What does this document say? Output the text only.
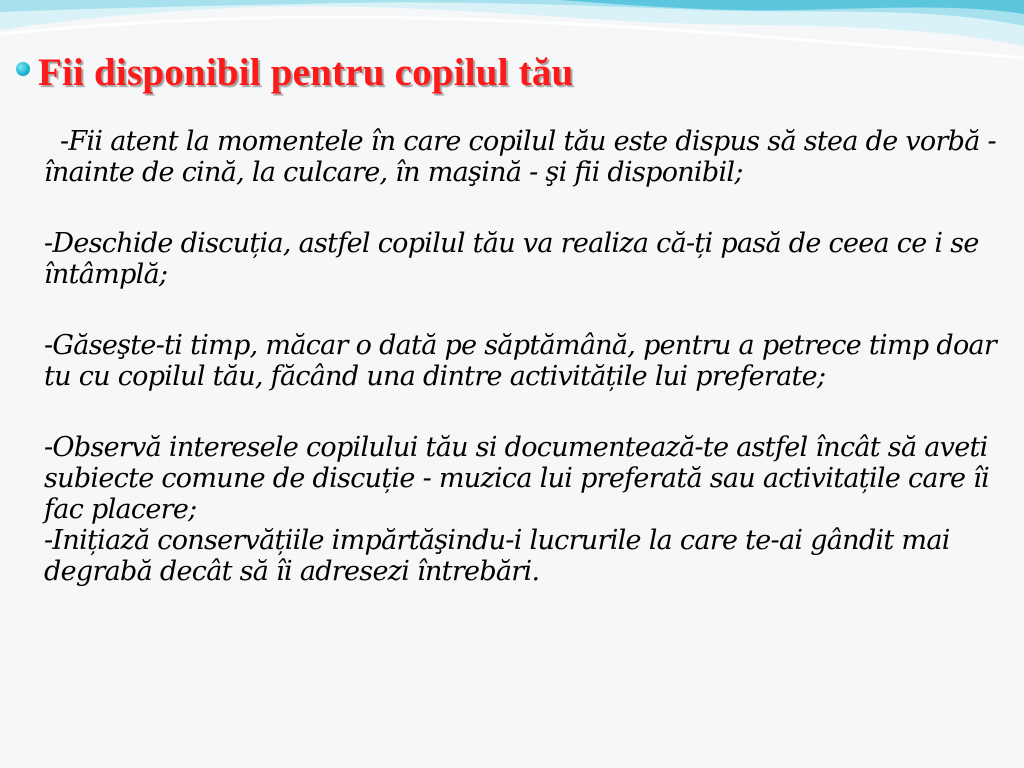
Fii disponibil pentru copilul tău

-Fii atent la momentele în care copilul tău este dispus să stea de vorbă - înainte de cină, la culcare, în maşină - şi fii disponibil;

-Deschide discuția, astfel copilul tău va realiza că-ți pasă de ceea ce i se întâmplă;

-Găseşte-ti timp, măcar o dată pe săptămână, pentru a petrece timp doar tu cu copilul tău, făcând una dintre activitățile lui preferate;

-Observă interesele copilului tău si documentează-te astfel încât să aveti subiecte comune de discuție - muzica lui preferată sau activitațile care îi fac placere;

-Inițiază conservățiile impărtăşindu-i lucrurile la care te-ai gândit mai degrabă decât să îi adresezi întrebări.
